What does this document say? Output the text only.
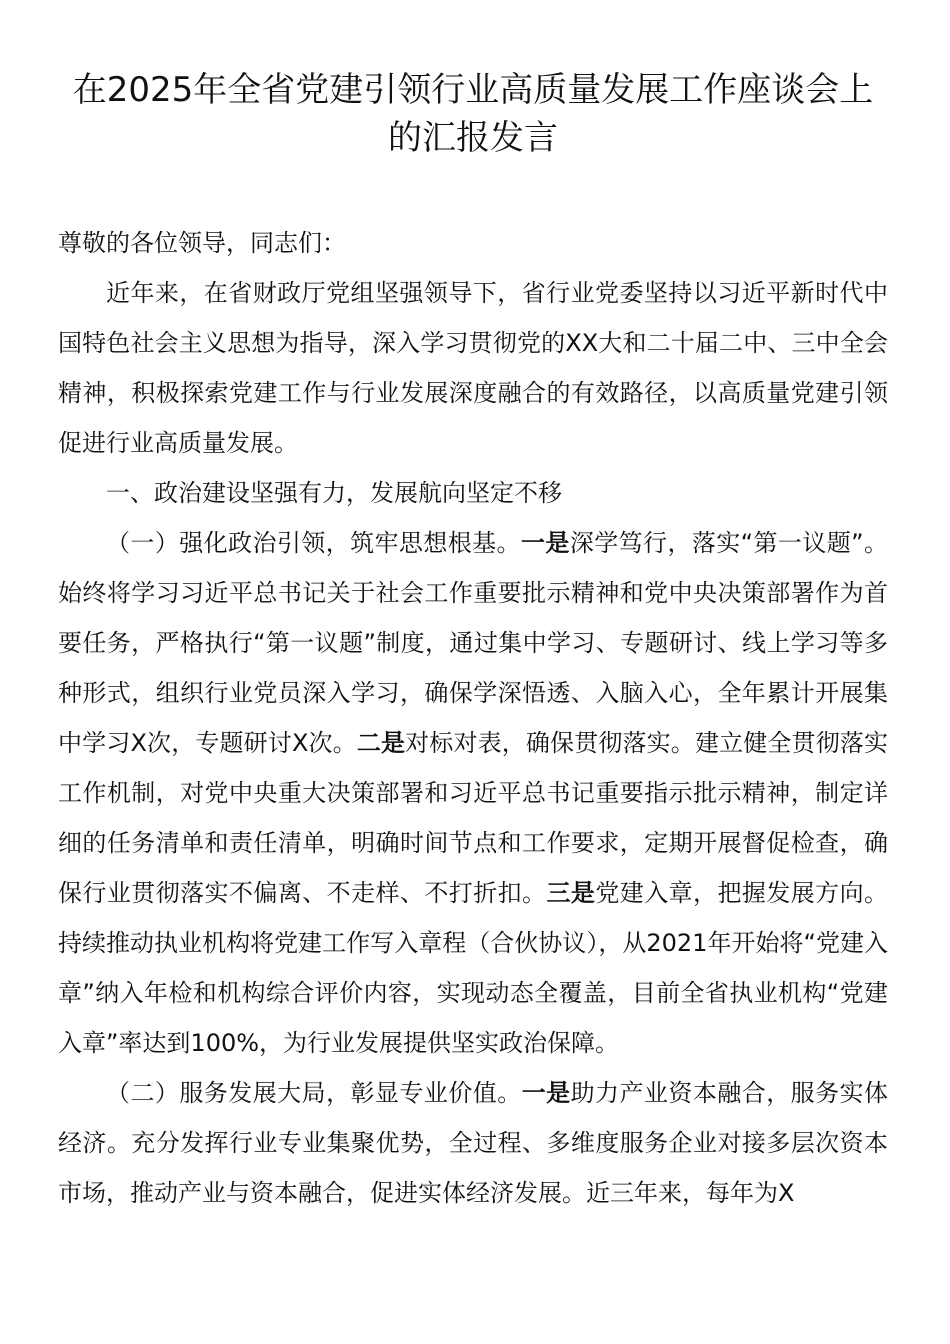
在2025年全省党建引领行业高质量发展工作座谈会上的汇报发言

尊敬的各位领导，同志们：

近年来，在省财政厅党组坚强领导下，省行业党委坚持以习近平新时代中国特色社会主义思想为指导，深入学习贯彻党的XX大和二十届二中、三中全会精神，积极探索党建工作与行业发展深度融合的有效路径，以高质量党建引领促进行业高质量发展。

一、政治建设坚强有力，发展航向坚定不移

（一）强化政治引领，筑牢思想根基。一是深学笃行，落实“第一议题”。始终将学习习近平总书记关于社会工作重要批示精神和党中央决策部署作为首要任务，严格执行“第一议题”制度，通过集中学习、专题研讨、线上学习等多种形式，组织行业党员深入学习，确保学深悟透、入脑入心，全年累计开展集中学习X次，专题研讨X次。二是对标对表，确保贯彻落实。建立健全贯彻落实工作机制，对党中央重大决策部署和习近平总书记重要指示批示精神，制定详细的任务清单和责任清单，明确时间节点和工作要求，定期开展督促检查，确保行业贯彻落实不偏离、不走样、不打折扣。三是党建入章，把握发展方向。持续推动执业机构将党建工作写入章程（合伙协议），从2021年开始将“党建入章”纳入年检和机构综合评价内容，实现动态全覆盖，目前全省执业机构“党建入章”率达到100%，为行业发展提供坚实政治保障。

（二）服务发展大局，彰显专业价值。一是助力产业资本融合，服务实体经济。充分发挥行业专业集聚优势，全过程、多维度服务企业对接多层次资本市场，推动产业与资本融合，促进实体经济发展。近三年来，每年为X
